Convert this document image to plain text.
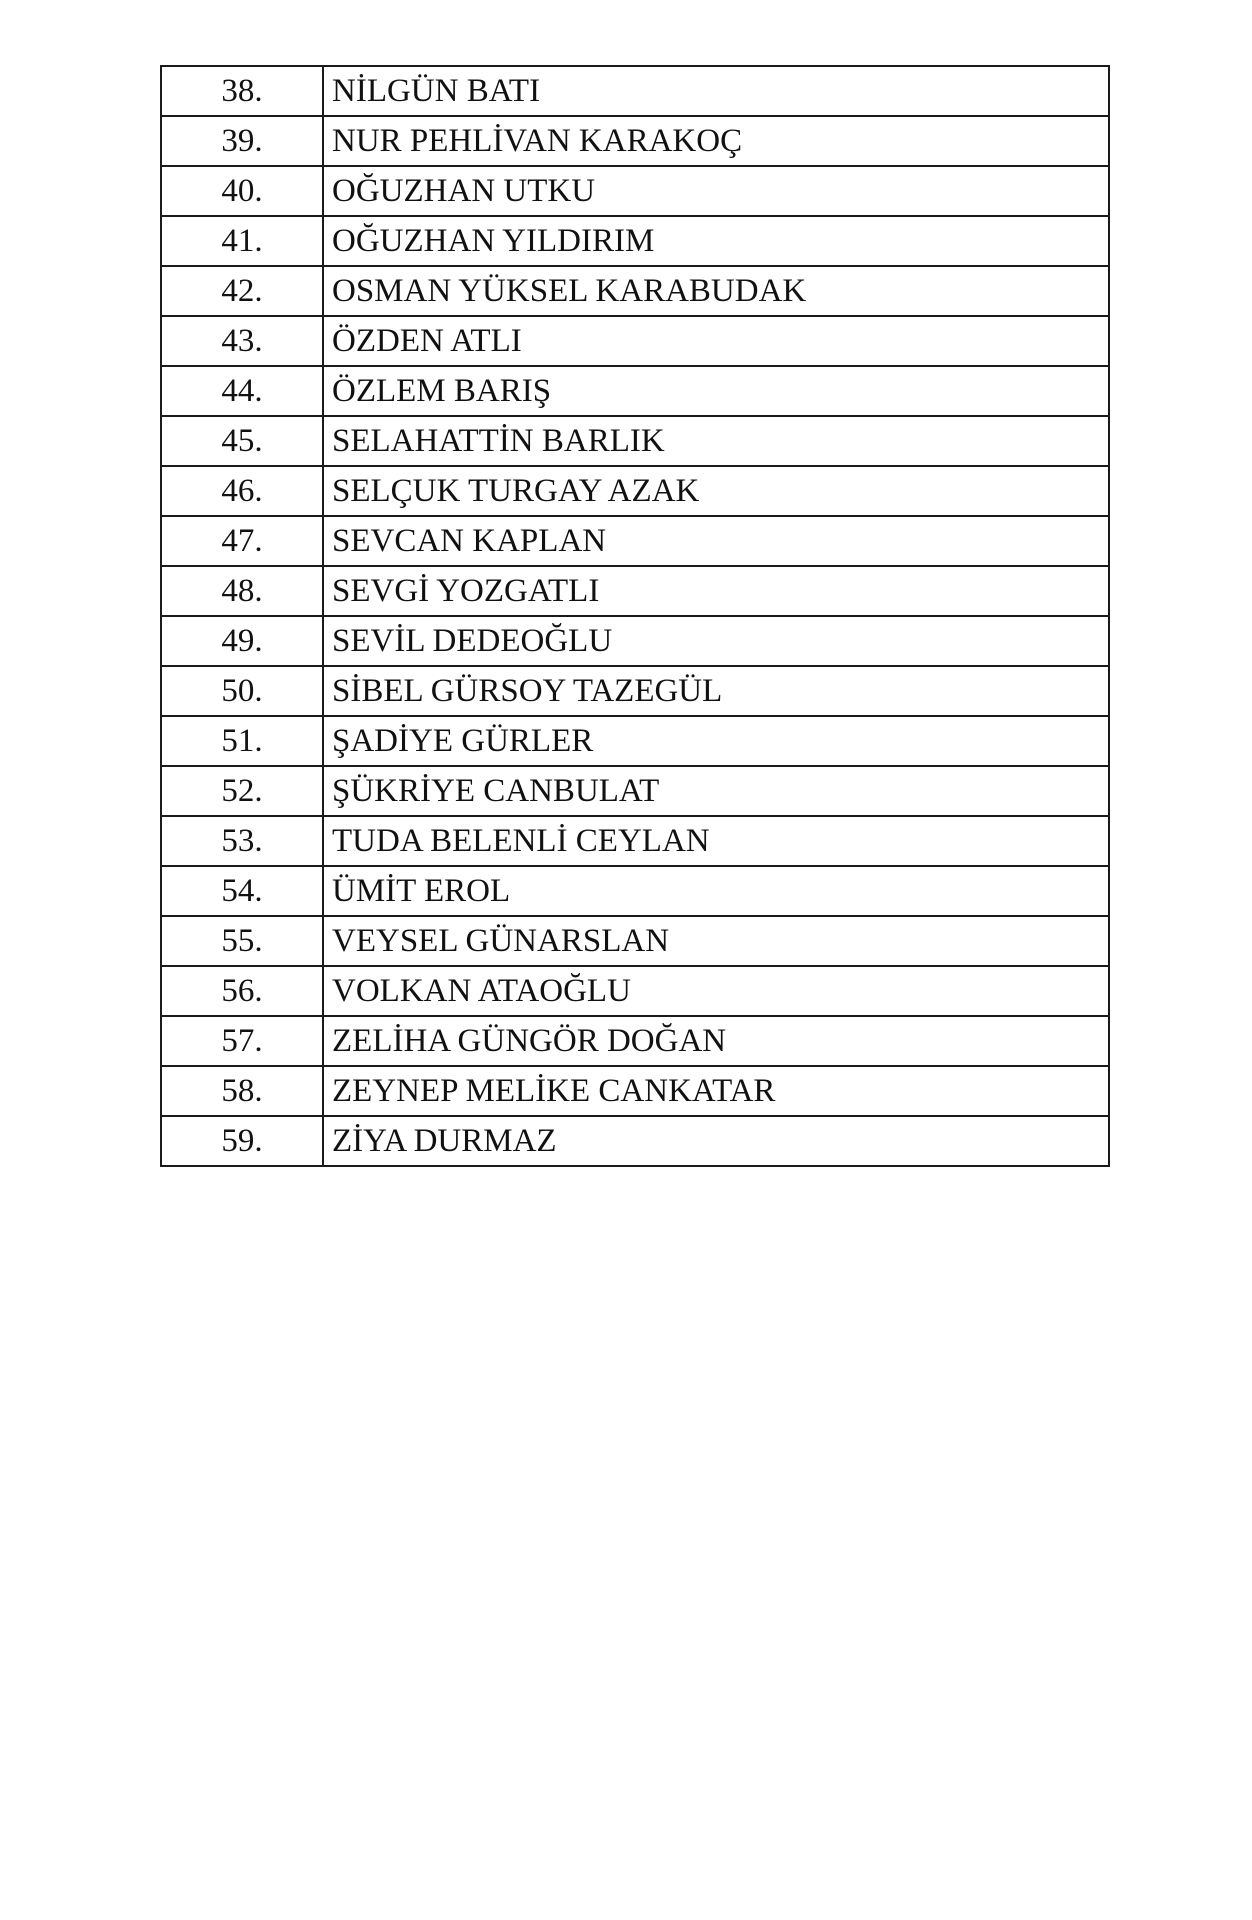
38.	NİLGÜN BATI
39.	NUR PEHLİVAN KARAKOÇ
40.	OĞUZHAN UTKU
41.	OĞUZHAN YILDIRIM
42.	OSMAN YÜKSEL KARABUDAK
43.	ÖZDEN ATLI
44.	ÖZLEM BARIŞ
45.	SELAHATTİN BARLIK
46.	SELÇUK TURGAY AZAK
47.	SEVCAN KAPLAN
48.	SEVGİ YOZGATLI
49.	SEVİL DEDEOĞLU
50.	SİBEL GÜRSOY TAZEGÜL
51.	ŞADİYE GÜRLER
52.	ŞÜKRİYE CANBULAT
53.	TUDA BELENLİ CEYLAN
54.	ÜMİT EROL
55.	VEYSEL GÜNARSLAN
56.	VOLKAN ATAOĞLU
57.	ZELİHA GÜNGÖR DOĞAN
58.	ZEYNEP MELİKE CANKATAR
59.	ZİYA DURMAZ
